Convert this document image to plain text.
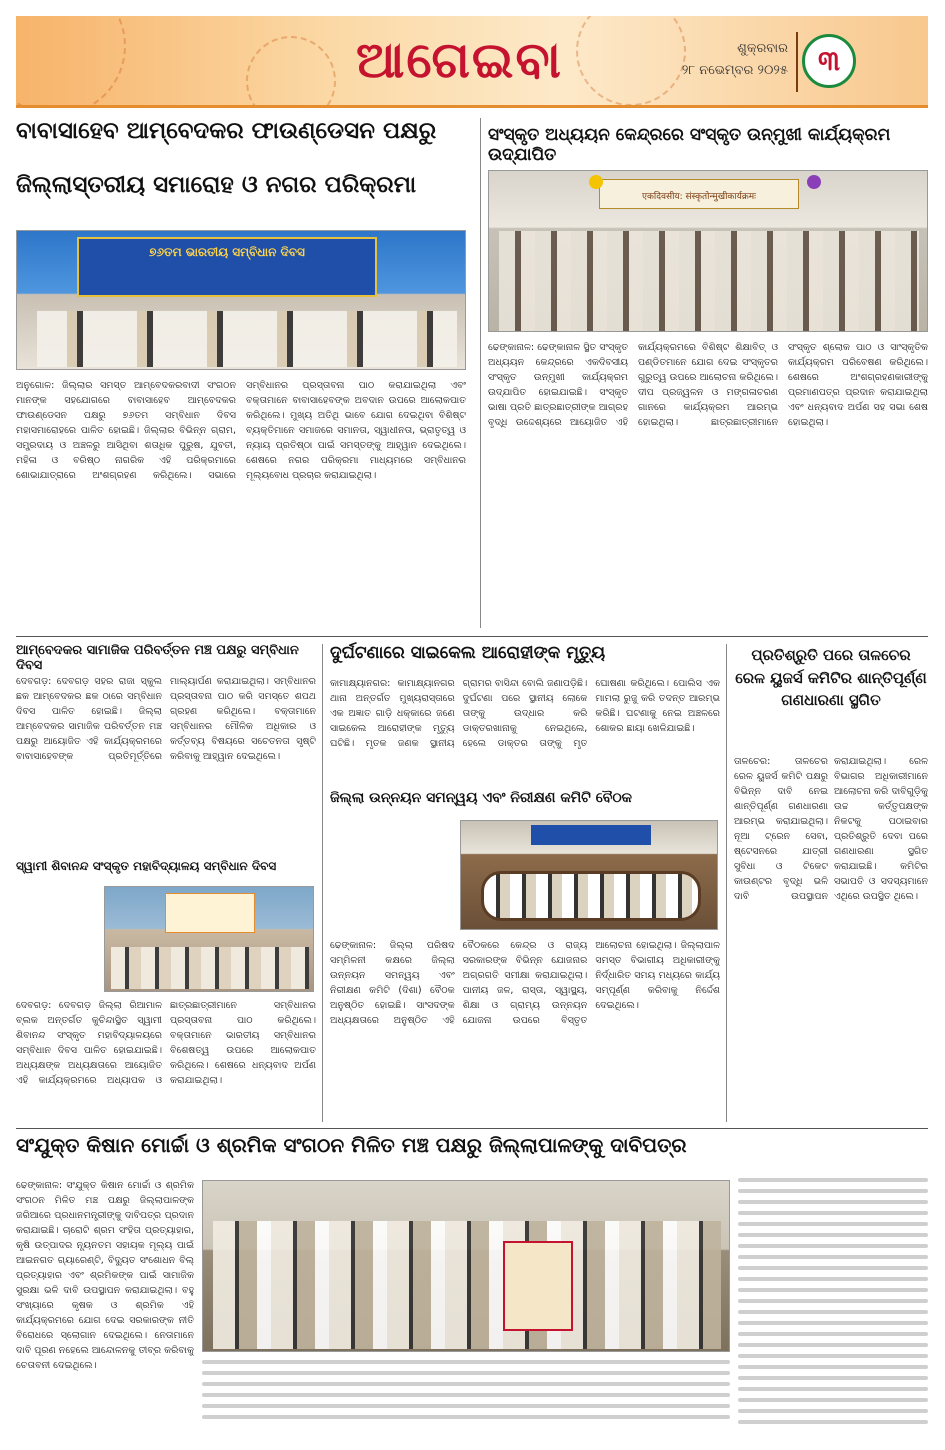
ଆଗେଇବା	ଶୁକ୍ରବାର
୨୮ ନଭେମ୍ବର ୨୦୨୫	୩
ବାବାସାହେବ ଆମ୍ବେଦକର ଫାଉଣ୍ଡେସନ ପକ୍ଷରୁ
ଜିଲ୍ଲାସ୍ତରୀୟ ସମାରୋହ ଓ ନଗର ପରିକ୍ରମା
୭୬ତମ ଭାରତୀୟ ସମ୍ବିଧାନ ଦିବସ
ଅନୁଗୋଳ: ଜିଲ୍ଲାର ସମସ୍ତ ଆମ୍ବେଦକରବାଦୀ ସଂଗଠନ ମାନଙ୍କ ସହଯୋଗରେ ବାବାସାହେବ ଆମ୍ବେଦକର ଫାଉଣ୍ଡେସନ ପକ୍ଷରୁ ୭୬ତମ ସମ୍ବିଧାନ ଦିବସ ମହାସମାରୋହରେ ପାଳିତ ହୋଇଛି। ଜିଲ୍ଲାର ବିଭିନ୍ନ ଗ୍ରାମ, ସମ୍ପ୍ରଦାୟ ଓ ଅଞ୍ଚଳରୁ ଆସିଥିବା ଶତାଧିକ ପୁରୁଷ, ଯୁବତୀ, ମହିଳା ଓ ବରିଷ୍ଠ ନାଗରିକ ଏହି ପରିକ୍ରମାରେ ଶୋଭାଯାତ୍ରାରେ ଅଂଶଗ୍ରହଣ କରିଥିଲେ। ସଭାରେ ସମ୍ବିଧାନର ପ୍ରସ୍ତାବନା ପାଠ କରାଯାଇଥିଲା ଏବଂ ବକ୍ତାମାନେ ବାବାସାହେବଙ୍କ ଅବଦାନ ଉପରେ ଆଲୋକପାତ କରିଥିଲେ। ମୁଖ୍ୟ ଅତିଥି ଭାବେ ଯୋଗ ଦେଇଥିବା ବିଶିଷ୍ଟ ବ୍ୟକ୍ତିମାନେ ସମାଜରେ ସମାନତା, ସ୍ୱାଧୀନତା, ଭ୍ରାତୃତ୍ୱ ଓ ନ୍ୟାୟ ପ୍ରତିଷ୍ଠା ପାଇଁ ସମସ୍ତଙ୍କୁ ଆହ୍ୱାନ ଦେଇଥିଲେ। ଶେଷରେ ନଗର ପରିକ୍ରମା ମାଧ୍ୟମରେ ସମ୍ବିଧାନର ମୂଲ୍ୟବୋଧ ପ୍ରଚାର କରାଯାଇଥିଲା।
ସଂସ୍କୃତ ଅଧ୍ୟୟନ କେନ୍ଦ୍ରରେ ସଂସ୍କୃତ ଉନ୍ମୁଖୀ କାର୍ଯ୍ୟକ୍ରମ ଉଦ୍‌ଯାପିତ
एकदिवसीय: संस्कृतोन्मुखीकार्यक्रमः
ଢେଙ୍କାନାଳ: ଢେଙ୍କାନାଳ ସ୍ଥିତ ସଂସ୍କୃତ ଅଧ୍ୟୟନ କେନ୍ଦ୍ରରେ ଏକଦିବସୀୟ ସଂସ୍କୃତ ଉନ୍ମୁଖୀ କାର୍ଯ୍ୟକ୍ରମ ଉଦ୍‌ଯାପିତ ହୋଇଯାଇଛି। ସଂସ୍କୃତ ଭାଷା ପ୍ରତି ଛାତ୍ରଛାତ୍ରୀଙ୍କ ଆଗ୍ରହ ବୃଦ୍ଧି ଉଦ୍ଦେଶ୍ୟରେ ଆୟୋଜିତ ଏହି କାର୍ଯ୍ୟକ୍ରମରେ ବିଶିଷ୍ଟ ଶିକ୍ଷାବିତ୍ ଓ ପଣ୍ଡିତମାନେ ଯୋଗ ଦେଇ ସଂସ୍କୃତର ଗୁରୁତ୍ୱ ଉପରେ ଆଲୋଚନା କରିଥିଲେ। ଦୀପ ପ୍ରଜ୍ୱଳନ ଓ ମଙ୍ଗଳାଚରଣ ଗାନରେ କାର୍ଯ୍ୟକ୍ରମ ଆରମ୍ଭ ହୋଇଥିଲା। ଛାତ୍ରଛାତ୍ରୀମାନେ ସଂସ୍କୃତ ଶ୍ଲୋକ ପାଠ ଓ ସାଂସ୍କୃତିକ କାର୍ଯ୍ୟକ୍ରମ ପରିବେଷଣ କରିଥିଲେ। ଶେଷରେ ଅଂଶଗ୍ରହଣକାରୀଙ୍କୁ ପ୍ରମାଣପତ୍ର ପ୍ରଦାନ କରାଯାଇଥିଲା ଏବଂ ଧନ୍ୟବାଦ ଅର୍ପଣ ସହ ସଭା ଶେଷ ହୋଇଥିଲା।
ଆମ୍ବେଦକର ସାମାଜିକ ପରିବର୍ତ୍ତନ ମଞ୍ଚ ପକ୍ଷରୁ ସମ୍ବିଧାନ ଦିବସ
ଦେବଗଡ଼: ଦେବଗଡ଼ ସହର ରାଜା ସ୍କୁଲ ଛକ ଆମ୍ବେଦକର ଛକ ଠାରେ ସମ୍ବିଧାନ ଦିବସ ପାଳିତ ହୋଇଛି। ଜିଲ୍ଲା ଆମ୍ବେଦକର ସାମାଜିକ ପରିବର୍ତ୍ତନ ମଞ୍ଚ ପକ୍ଷରୁ ଆୟୋଜିତ ଏହି କାର୍ଯ୍ୟକ୍ରମରେ ବାବାସାହେବଙ୍କ ପ୍ରତିମୂର୍ତ୍ତିରେ ମାଲ୍ୟାର୍ପଣ କରାଯାଇଥିଲା। ସମ୍ବିଧାନର ପ୍ରସ୍ତାବନା ପାଠ କରି ସମସ୍ତେ ଶପଥ ଗ୍ରହଣ କରିଥିଲେ। ବକ୍ତାମାନେ ସମ୍ବିଧାନର ମୌଳିକ ଅଧିକାର ଓ କର୍ତ୍ତବ୍ୟ ବିଷୟରେ ସଚେତନତା ସୃଷ୍ଟି କରିବାକୁ ଆହ୍ୱାନ ଦେଇଥିଲେ।
ସ୍ୱାମୀ ଶିବାନନ୍ଦ ସଂସ୍କୃତ ମହାବିଦ୍ୟାଳୟ ସମ୍ବିଧାନ ଦିବସ
ଦେବଗଡ଼: ଦେବଗଡ଼ ଜିଲ୍ଲା ରିଆମାଳ ବ୍ଲକ ଅନ୍ତର୍ଗତ କୁଚିନ୍ଦାସ୍ଥିତ ସ୍ୱାମୀ ଶିବାନନ୍ଦ ସଂସ୍କୃତ ମହାବିଦ୍ୟାଳୟରେ ସମ୍ବିଧାନ ଦିବସ ପାଳିତ ହୋଇଯାଇଛି। ଅଧ୍ୟକ୍ଷଙ୍କ ଅଧ୍ୟକ୍ଷତାରେ ଆୟୋଜିତ ଏହି କାର୍ଯ୍ୟକ୍ରମରେ ଅଧ୍ୟାପକ ଓ ଛାତ୍ରଛାତ୍ରୀମାନେ ସମ୍ବିଧାନର ପ୍ରସ୍ତାବନା ପାଠ କରିଥିଲେ। ବକ୍ତାମାନେ ଭାରତୀୟ ସମ୍ବିଧାନର ବିଶେଷତ୍ୱ ଉପରେ ଆଲୋକପାତ କରିଥିଲେ। ଶେଷରେ ଧନ୍ୟବାଦ ଅର୍ପଣ କରାଯାଇଥିଲା।
ଦୁର୍ଘଟଣାରେ ସାଇକେଲ ଆରୋହୀଙ୍କ ମୃତ୍ୟୁ
କାମାକ୍ଷ୍ୟାନଗର: କାମାକ୍ଷ୍ୟାନଗର ଥାନା ଅନ୍ତର୍ଗତ ମୁଖ୍ୟରାସ୍ତାରେ ଏକ ଅଜ୍ଞାତ ଗାଡ଼ି ଧକ୍କାରେ ଜଣେ ସାଇକେଲ ଆରୋହୀଙ୍କ ମୃତ୍ୟୁ ଘଟିଛି। ମୃତକ ଜଣକ ସ୍ଥାନୀୟ ଗ୍ରାମର ବାସିନ୍ଦା ବୋଲି ଜଣାପଡ଼ିଛି। ଦୁର୍ଘଟଣା ପରେ ସ୍ଥାନୀୟ ଲୋକେ ତାଙ୍କୁ ଉଦ୍ଧାର କରି ଡାକ୍ତରଖାନାକୁ ନେଇଥିଲେ, ହେଲେ ଡାକ୍ତର ତାଙ୍କୁ ମୃତ ଘୋଷଣା କରିଥିଲେ। ପୋଲିସ ଏକ ମାମଲା ରୁଜୁ କରି ତଦନ୍ତ ଆରମ୍ଭ କରିଛି। ଘଟଣାକୁ ନେଇ ଅଞ୍ଚଳରେ ଶୋକର ଛାୟା ଖେଳିଯାଇଛି।
ଜିଲ୍ଲା ଉନ୍ନୟନ ସମନ୍ୱୟ ଏବଂ ନିରୀକ୍ଷଣ କମିଟି ବୈଠକ
ଢେଙ୍କାନାଳ: ଜିଲ୍ଲା ପରିଷଦ ସମ୍ମିଳନୀ କକ୍ଷରେ ଜିଲ୍ଲା ଉନ୍ନୟନ ସମନ୍ୱୟ ଏବଂ ନିରୀକ୍ଷଣ କମିଟି (ଦିଶା) ବୈଠକ ଅନୁଷ୍ଠିତ ହୋଇଛି। ସାଂସଦଙ୍କ ଅଧ୍ୟକ୍ଷତାରେ ଅନୁଷ୍ଠିତ ଏହି ବୈଠକରେ କେନ୍ଦ୍ର ଓ ରାଜ୍ୟ ସରକାରଙ୍କ ବିଭିନ୍ନ ଯୋଜନାର ଅଗ୍ରଗତି ସମୀକ୍ଷା କରାଯାଇଥିଲା। ପାନୀୟ ଜଳ, ରାସ୍ତା, ସ୍ୱାସ୍ଥ୍ୟ, ଶିକ୍ଷା ଓ ଗ୍ରାମ୍ୟ ଉନ୍ନୟନ ଯୋଜନା ଉପରେ ବିସ୍ତୃତ ଆଲୋଚନା ହୋଇଥିଲା। ଜିଲ୍ଲାପାଳ ସମସ୍ତ ବିଭାଗୀୟ ଅଧିକାରୀଙ୍କୁ ନିର୍ଦ୍ଧାରିତ ସମୟ ମଧ୍ୟରେ କାର୍ଯ୍ୟ ସମ୍ପୂର୍ଣ୍ଣ କରିବାକୁ ନିର୍ଦ୍ଦେଶ ଦେଇଥିଲେ।
ପ୍ରତିଶ୍ରୁତି ପରେ ତାଳଚେର ରେଳ ୟୁଜର୍ସ କମିଟିର ଶାନ୍ତିପୂର୍ଣ୍ଣ ଗଣଧାରଣା ସ୍ଥଗିତ
ତାଳଚେର: ତାଳଚେର ରେଳ ୟୁଜର୍ସ କମିଟି ପକ୍ଷରୁ ବିଭିନ୍ନ ଦାବି ନେଇ ଶାନ୍ତିପୂର୍ଣ୍ଣ ଗଣଧାରଣା ଆରମ୍ଭ କରାଯାଇଥିଲା। ନୂଆ ଟ୍ରେନ ସେବା, ଷ୍ଟେସନରେ ଯାତ୍ରୀ ସୁବିଧା ଓ ଟିକେଟ କାଉଣ୍ଟର ବୃଦ୍ଧି ଭଳି ଦାବି ଉପସ୍ଥାପନ କରାଯାଇଥିଲା। ରେଳ ବିଭାଗର ଅଧିକାରୀମାନେ ଆଲୋଚନା କରି ଦାବିଗୁଡ଼ିକୁ ଉଚ୍ଚ କର୍ତ୍ତୃପକ୍ଷଙ୍କ ନିକଟକୁ ପଠାଇବାର ପ୍ରତିଶ୍ରୁତି ଦେବା ପରେ ଗଣଧାରଣା ସ୍ଥଗିତ କରାଯାଇଛି। କମିଟିର ସଭାପତି ଓ ସଦସ୍ୟମାନେ ଏଥିରେ ଉପସ୍ଥିତ ଥିଲେ।
ସଂଯୁକ୍ତ କିଷାନ ମୋର୍ଚ୍ଚା ଓ ଶ୍ରମିକ ସଂଗଠନ ମିଳିତ ମଞ୍ଚ ପକ୍ଷରୁ ଜିଲ୍ଲାପାଳଙ୍କୁ ଦାବିପତ୍ର
ଢେଙ୍କାନାଳ: ସଂଯୁକ୍ତ କିଷାନ ମୋର୍ଚ୍ଚା ଓ ଶ୍ରମିକ ସଂଗଠନ ମିଳିତ ମଞ୍ଚ ପକ୍ଷରୁ ଜିଲ୍ଲାପାଳଙ୍କ ଜରିଆରେ ପ୍ରଧାନମନ୍ତ୍ରୀଙ୍କୁ ଦାବିପତ୍ର ପ୍ରଦାନ କରାଯାଇଛି। ଚାରୋଟି ଶ୍ରମ ସଂହିତା ପ୍ରତ୍ୟାହାର, କୃଷି ଉତ୍ପାଦର ନ୍ୟୂନତମ ସହାୟକ ମୂଲ୍ୟ ପାଇଁ ଆଇନଗତ ଗ୍ୟାରେଣ୍ଟି, ବିଦ୍ୟୁତ ସଂଶୋଧନ ବିଲ୍ ପ୍ରତ୍ୟାହାର ଏବଂ ଶ୍ରମିକଙ୍କ ପାଇଁ ସାମାଜିକ ସୁରକ୍ଷା ଭଳି ଦାବି ଉପସ୍ଥାପନ କରାଯାଇଥିଲା। ବହୁ ସଂଖ୍ୟାରେ କୃଷକ ଓ ଶ୍ରମିକ ଏହି କାର୍ଯ୍ୟକ୍ରମରେ ଯୋଗ ଦେଇ ସରକାରଙ୍କ ନୀତି ବିରୋଧରେ ସ୍ଲୋଗାନ ଦେଇଥିଲେ। ନେତାମାନେ ଦାବି ପୂରଣ ନହେଲେ ଆନ୍ଦୋଳନକୁ ତୀବ୍ର କରିବାକୁ ଚେତାବନୀ ଦେଇଥିଲେ।
